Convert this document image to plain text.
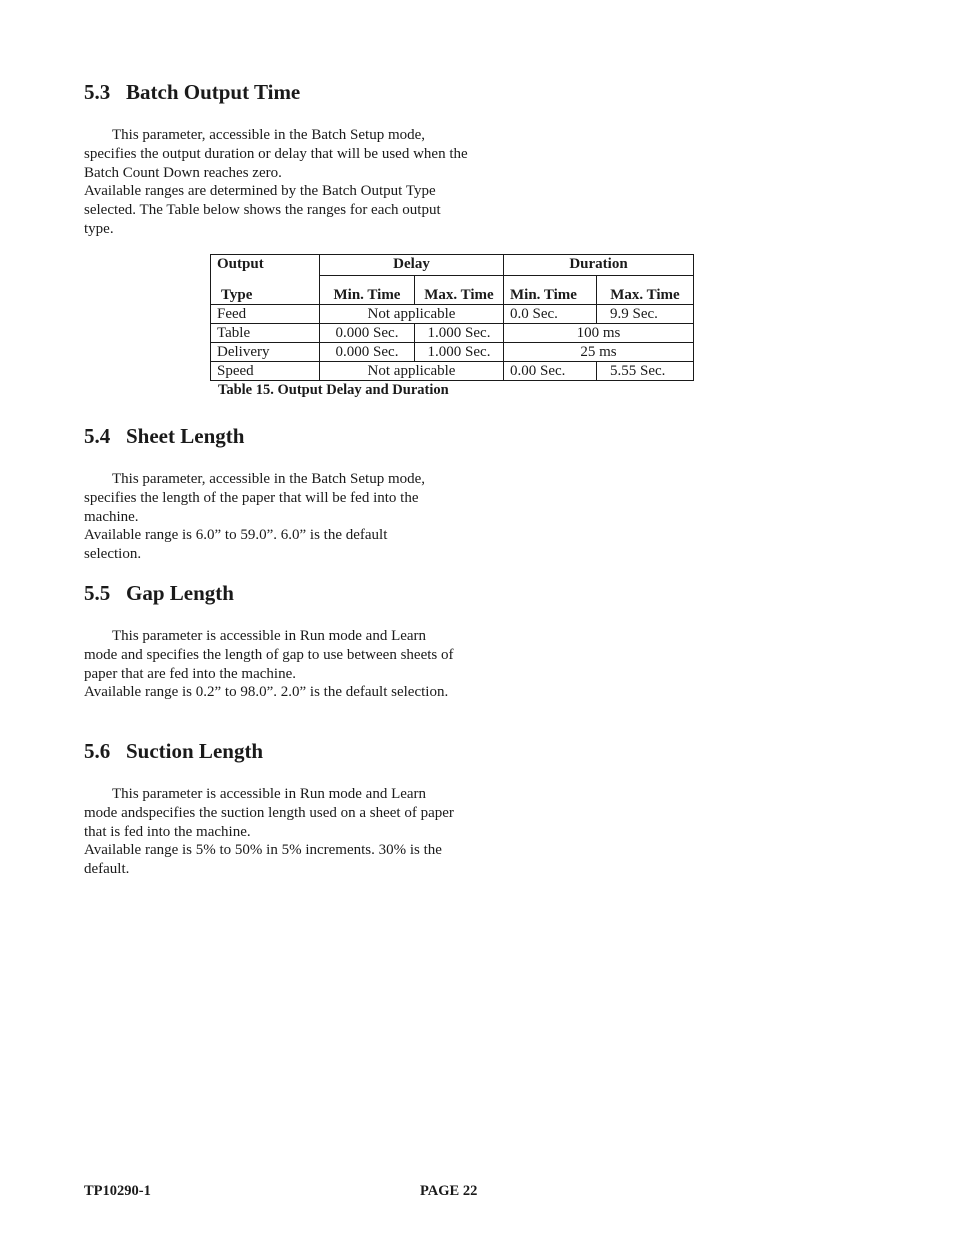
5.3 Batch Output Time

This parameter, accessible in the Batch Setup mode, specifies the output duration or delay that will be used when the Batch Count Down reaches zero.

Available ranges are determined by the Batch Output Type selected. The Table below shows the ranges for each output type.

Output	Delay		Duration	
Type	Min. Time	Max. Time	Min. Time	Max. Time
Feed	Not applicable		0.0 Sec.	9.9 Sec.
Table	0.000 Sec.	1.000 Sec.	100 ms	
Delivery	0.000 Sec.	1.000 Sec.	25 ms	
Speed	Not applicable		0.00 Sec.	5.55 Sec.

Table 15. Output Delay and Duration

5.4 Sheet Length

This parameter, accessible in the Batch Setup mode, specifies the length of the paper that will be fed into the machine.

Available range is 6.0” to 59.0”. 6.0” is the default selection.

5.5 Gap Length

This parameter is accessible in Run mode and Learn mode and specifies the length of gap to use between sheets of paper that are fed into the machine.

Available range is 0.2” to 98.0”. 2.0” is the default selection.

5.6 Suction Length

This parameter is accessible in Run mode and Learn mode andspecifies the suction length used on a sheet of paper that is fed into the machine.

Available range is 5% to 50% in 5% increments. 30% is the default.

TP10290-1	PAGE 22
